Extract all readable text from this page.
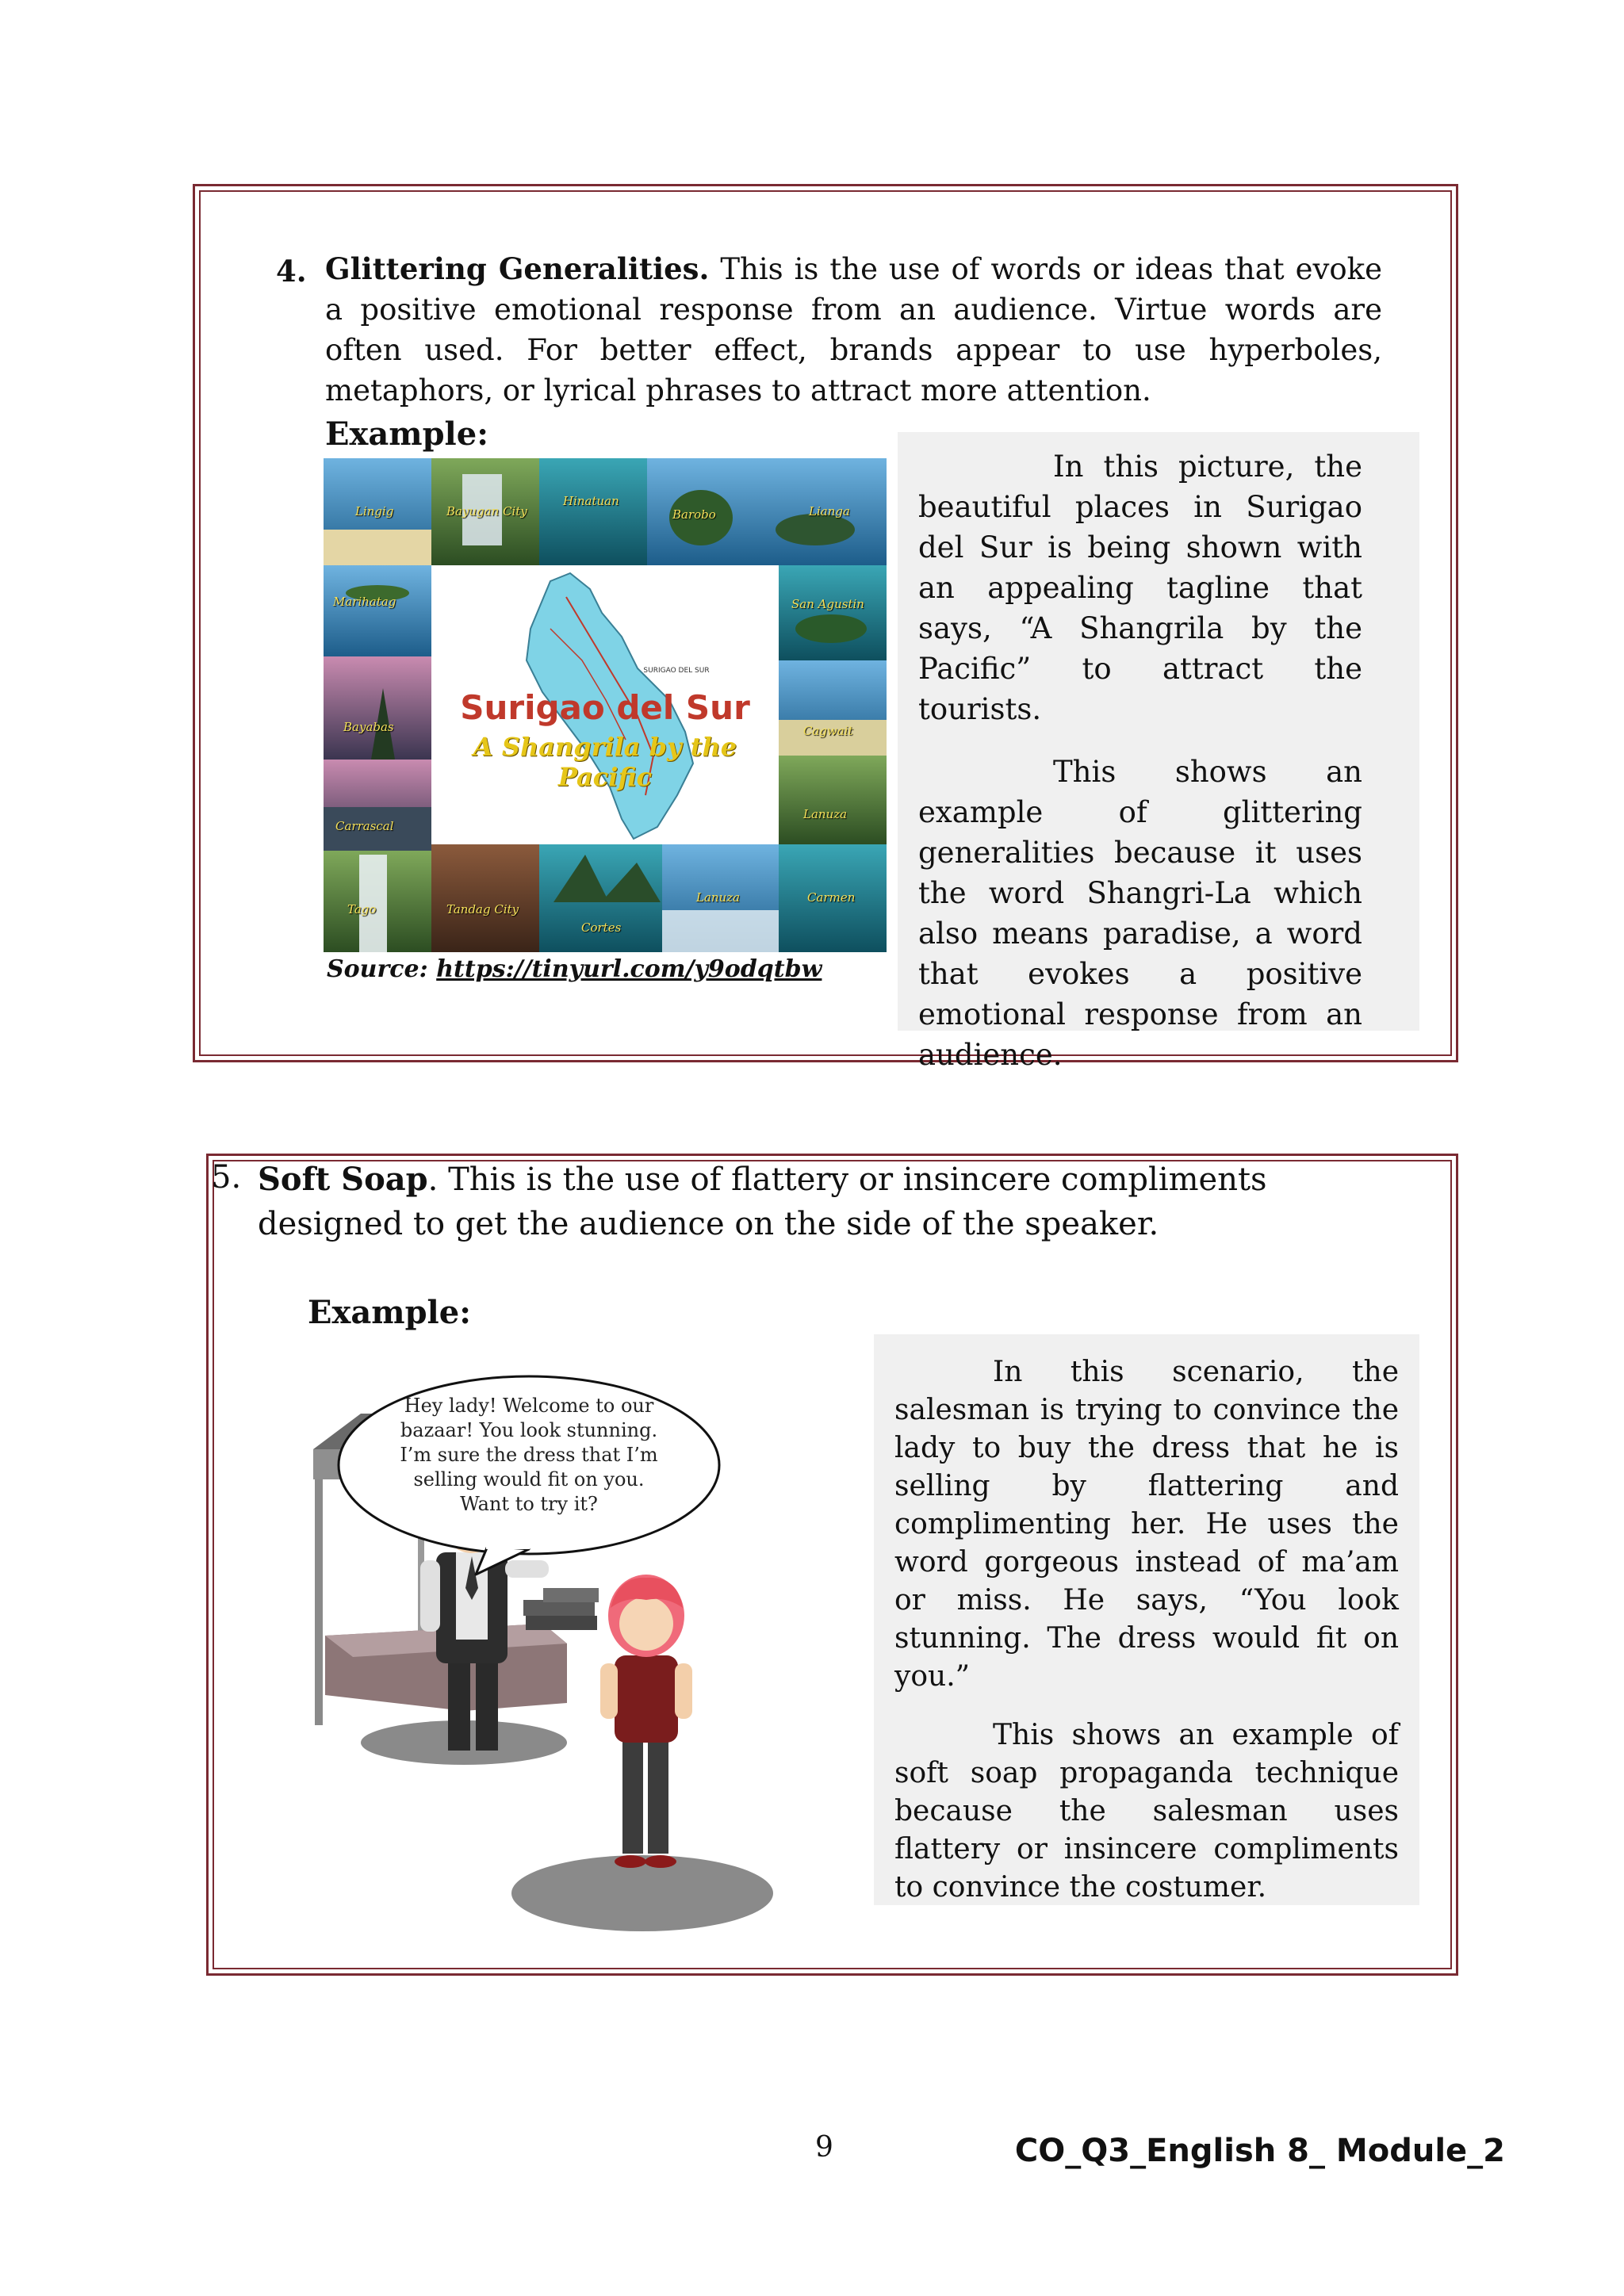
4. Glittering Generalities. This is the use of words or ideas that evoke a positive emotional response from an audience. Virtue words are often used. For better effect, brands appear to use hyperboles, metaphors, or lyrical phrases to attract more attention.

Example:
Lingig	Bayugan City
Hinatuan
Barobo	Lianga
Marihatag	San Agustin
Bayabas	Cagwait
Carrascal
Lanuza
Tago	Tandag City
Cortes
Lanuza	Carmen
SURIGAO DEL SUR
Surigao del Sur
A Shangrila by the Pacific
Source: https://tinyurl.com/y9odqtbw

In this picture, the beautiful places in Surigao del Sur is being shown with an appealing tagline that says, “A Shangrila by the Pacific” to attract the tourists.

This shows an example of glittering generalities because it uses the word Shangri-La which also means paradise, a word that evokes a positive emotional response from an audience.

5. Soft Soap. This is the use of flattery or insincere compliments designed to get the audience on the side of the speaker.

Example:
Hey lady! Welcome to our
bazaar! You look stunning.
I’m sure the dress that I’m
selling would fit on you.
Want to try it?

In this scenario, the salesman is trying to convince the lady to buy the dress that he is selling by flattering and complimenting her. He uses the word gorgeous instead of ma’am or miss. He says, “You look stunning. The dress would fit on you.”

This shows an example of soft soap propaganda technique because the salesman uses flattery or insincere compliments to convince the costumer.

9	CO_Q3_English 8_ Module_2
